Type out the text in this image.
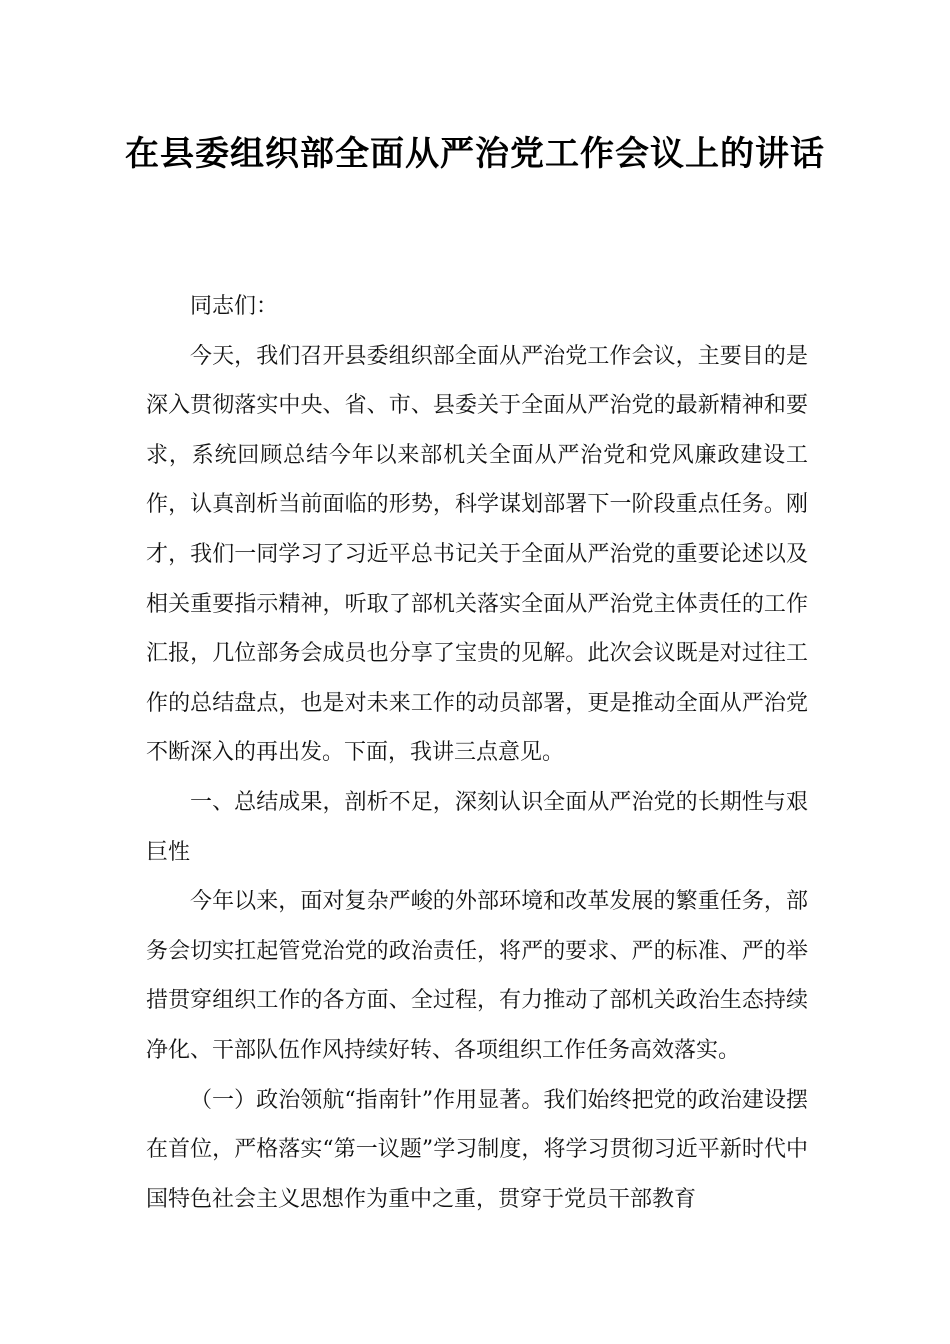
在县委组织部全面从严治党工作会议上的讲话

同志们：

今天，我们召开县委组织部全面从严治党工作会议，主要目的是深入贯彻落实中央、省、市、县委关于全面从严治党的最新精神和要求，系统回顾总结今年以来部机关全面从严治党和党风廉政建设工作，认真剖析当前面临的形势，科学谋划部署下一阶段重点任务。刚才，我们一同学习了习近平总书记关于全面从严治党的重要论述以及相关重要指示精神，听取了部机关落实全面从严治党主体责任的工作汇报，几位部务会成员也分享了宝贵的见解。此次会议既是对过往工作的总结盘点，也是对未来工作的动员部署，更是推动全面从严治党不断深入的再出发。下面，我讲三点意见。

一、总结成果，剖析不足，深刻认识全面从严治党的长期性与艰巨性

今年以来，面对复杂严峻的外部环境和改革发展的繁重任务，部务会切实扛起管党治党的政治责任，将严的要求、严的标准、严的举措贯穿组织工作的各方面、全过程，有力推动了部机关政治生态持续净化、干部队伍作风持续好转、各项组织工作任务高效落实。

（一）政治领航“指南针”作用显著。我们始终把党的政治建设摆在首位，严格落实“第一议题”学习制度，将学习贯彻习近平新时代中国特色社会主义思想作为重中之重，贯穿于党员干部教育
